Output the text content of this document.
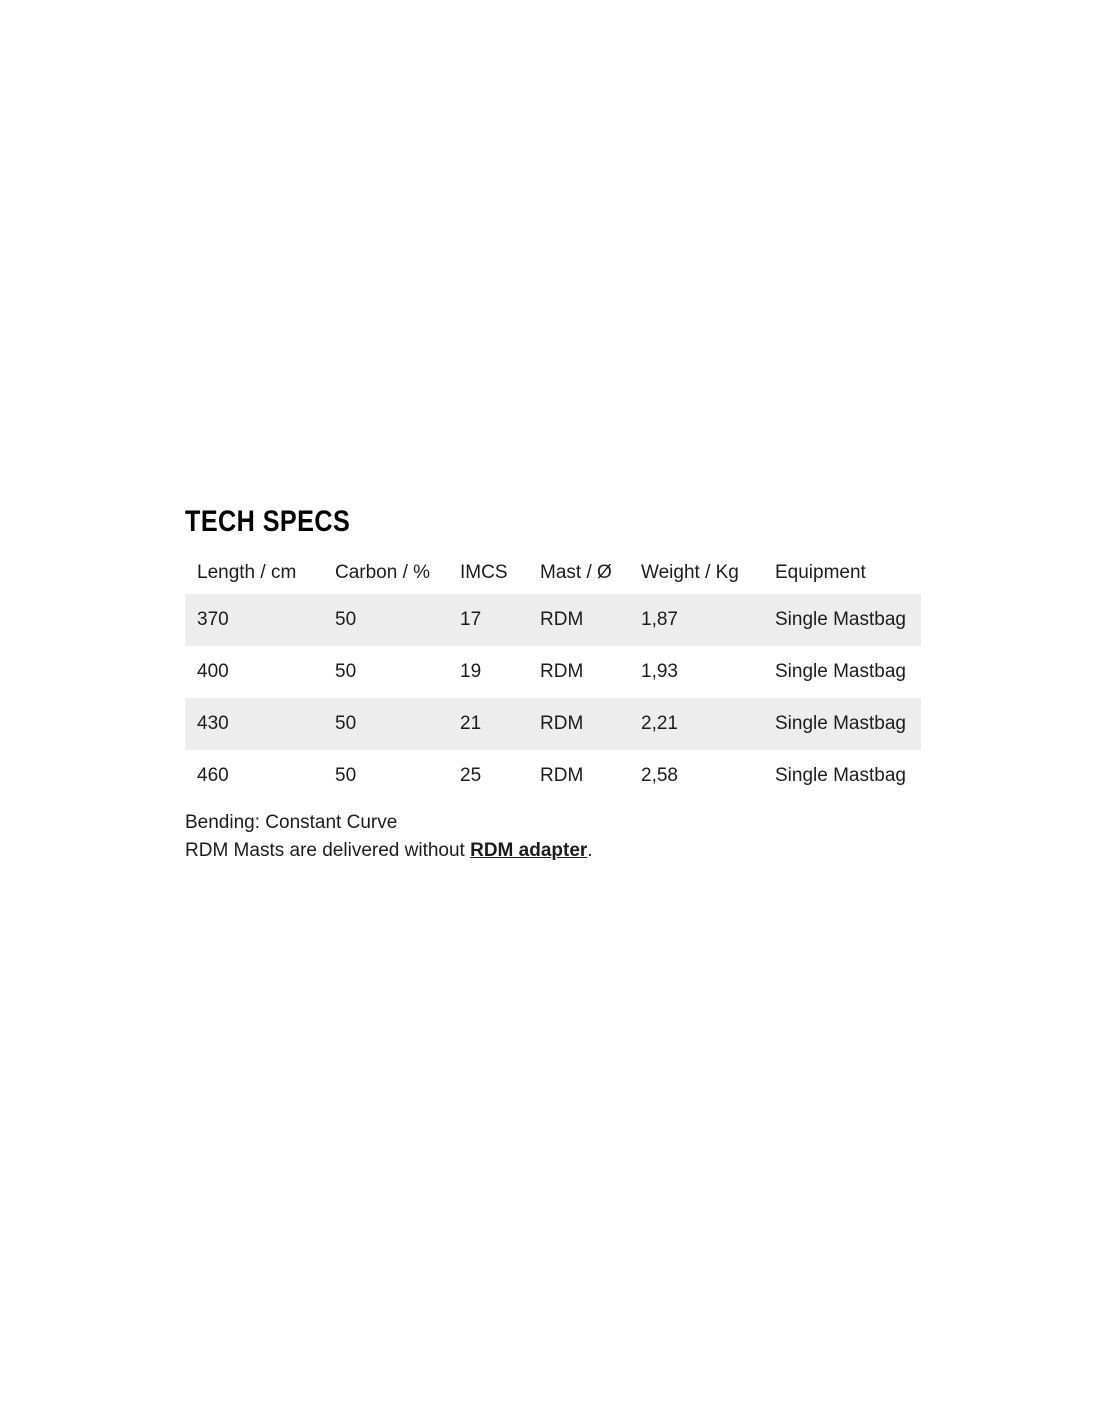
TECH SPECS
Length / cm	Carbon / %	IMCS	Mast / Ø	Weight / Kg	Equipment
370	50	17	RDM	1,87	Single Mastbag
400	50	19	RDM	1,93	Single Mastbag
430	50	21	RDM	2,21	Single Mastbag
460	50	25	RDM	2,58	Single Mastbag

Bending: Constant Curve

RDM Masts are delivered without RDM adapter.
